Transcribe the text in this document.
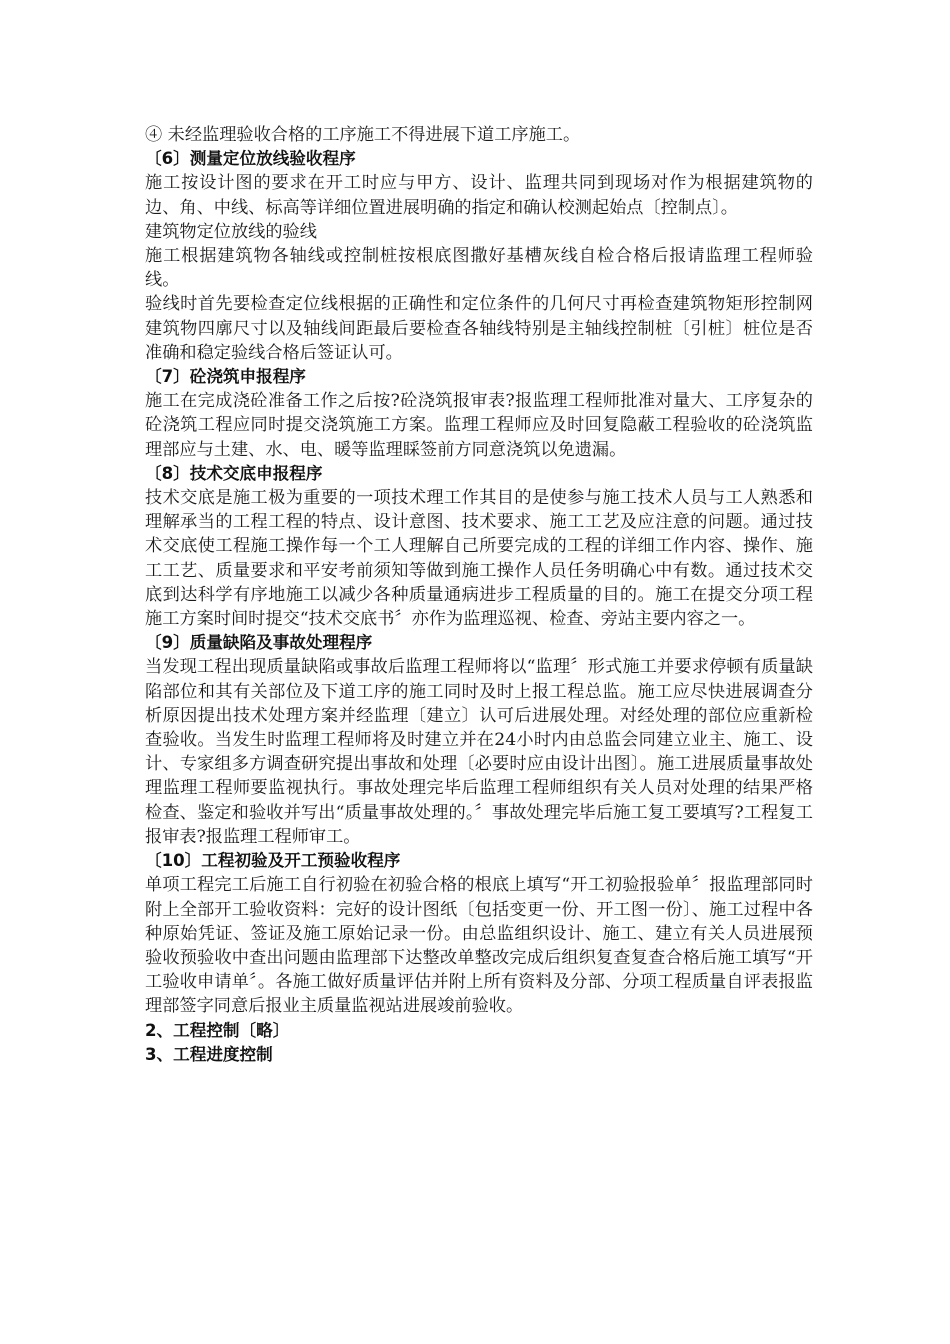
④ 未经监理验收合格的工序施工不得进展下道工序施工。

〔6〕测量定位放线验收程序

施工按设计图的要求在开工时应与甲方、设计、监理共同到现场对作为根据建筑物的边、角、中线、标高等详细位置进展明确的指定和确认校测起始点〔控制点〕。

建筑物定位放线的验线

施工根据建筑物各轴线或控制桩按根底图撒好基槽灰线自检合格后报请监理工程师验线。

验线时首先要检查定位线根据的正确性和定位条件的几何尺寸再检查建筑物矩形控制网建筑物四廓尺寸以及轴线间距最后要检查各轴线特别是主轴线控制桩〔引桩〕桩位是否准确和稳定验线合格后签证认可。

〔7〕砼浇筑申报程序

施工在完成浇砼准备工作之后按?砼浇筑报审表?报监理工程师批准对量大、工序复杂的砼浇筑工程应同时提交浇筑施工方案。监理工程师应及时回复隐蔽工程验收的砼浇筑监理部应与土建、水、电、暖等监理睬签前方同意浇筑以免遗漏。

〔8〕技术交底申报程序

技术交底是施工极为重要的一项技术理工作其目的是使参与施工技术人员与工人熟悉和理解承当的工程工程的特点、设计意图、技术要求、施工工艺及应注意的问题。通过技术交底使工程施工操作每一个工人理解自己所要完成的工程的详细工作内容、操作、施工工艺、质量要求和平安考前须知等做到施工操作人员任务明确心中有数。通过技术交底到达科学有序地施工以减少各种质量通病进步工程质量的目的。施工在提交分项工程施工方案时间时提交“技术交底书〞亦作为监理巡视、检查、旁站主要内容之一。

〔9〕质量缺陷及事故处理程序

当发现工程出现质量缺陷或事故后监理工程师将以“监理〞形式施工并要求停顿有质量缺陷部位和其有关部位及下道工序的施工同时及时上报工程总监。施工应尽快进展调查分析原因提出技术处理方案并经监理〔建立〕认可后进展处理。对经处理的部位应重新检查验收。当发生时监理工程师将及时建立并在24小时内由总监会同建立业主、施工、设计、专家组多方调查研究提出事故和处理〔必要时应由设计出图〕。施工进展质量事故处理监理工程师要监视执行。事故处理完毕后监理工程师组织有关人员对处理的结果严格检查、鉴定和验收并写出“质量事故处理的。〞事故处理完毕后施工复工要填写?工程复工报审表?报监理工程师审工。

〔10〕工程初验及开工预验收程序

单项工程完工后施工自行初验在初验合格的根底上填写“开工初验报验单〞报监理部同时附上全部开工验收资料：完好的设计图纸〔包括变更一份、开工图一份〕、施工过程中各种原始凭证、签证及施工原始记录一份。由总监组织设计、施工、建立有关人员进展预验收预验收中查出问题由监理部下达整改单整改完成后组织复查复查合格后施工填写“开工验收申请单〞。各施工做好质量评估并附上所有资料及分部、分项工程质量自评表报监理部签字同意后报业主质量监视站进展竣前验收。

2、工程控制〔略〕

3、工程进度控制
